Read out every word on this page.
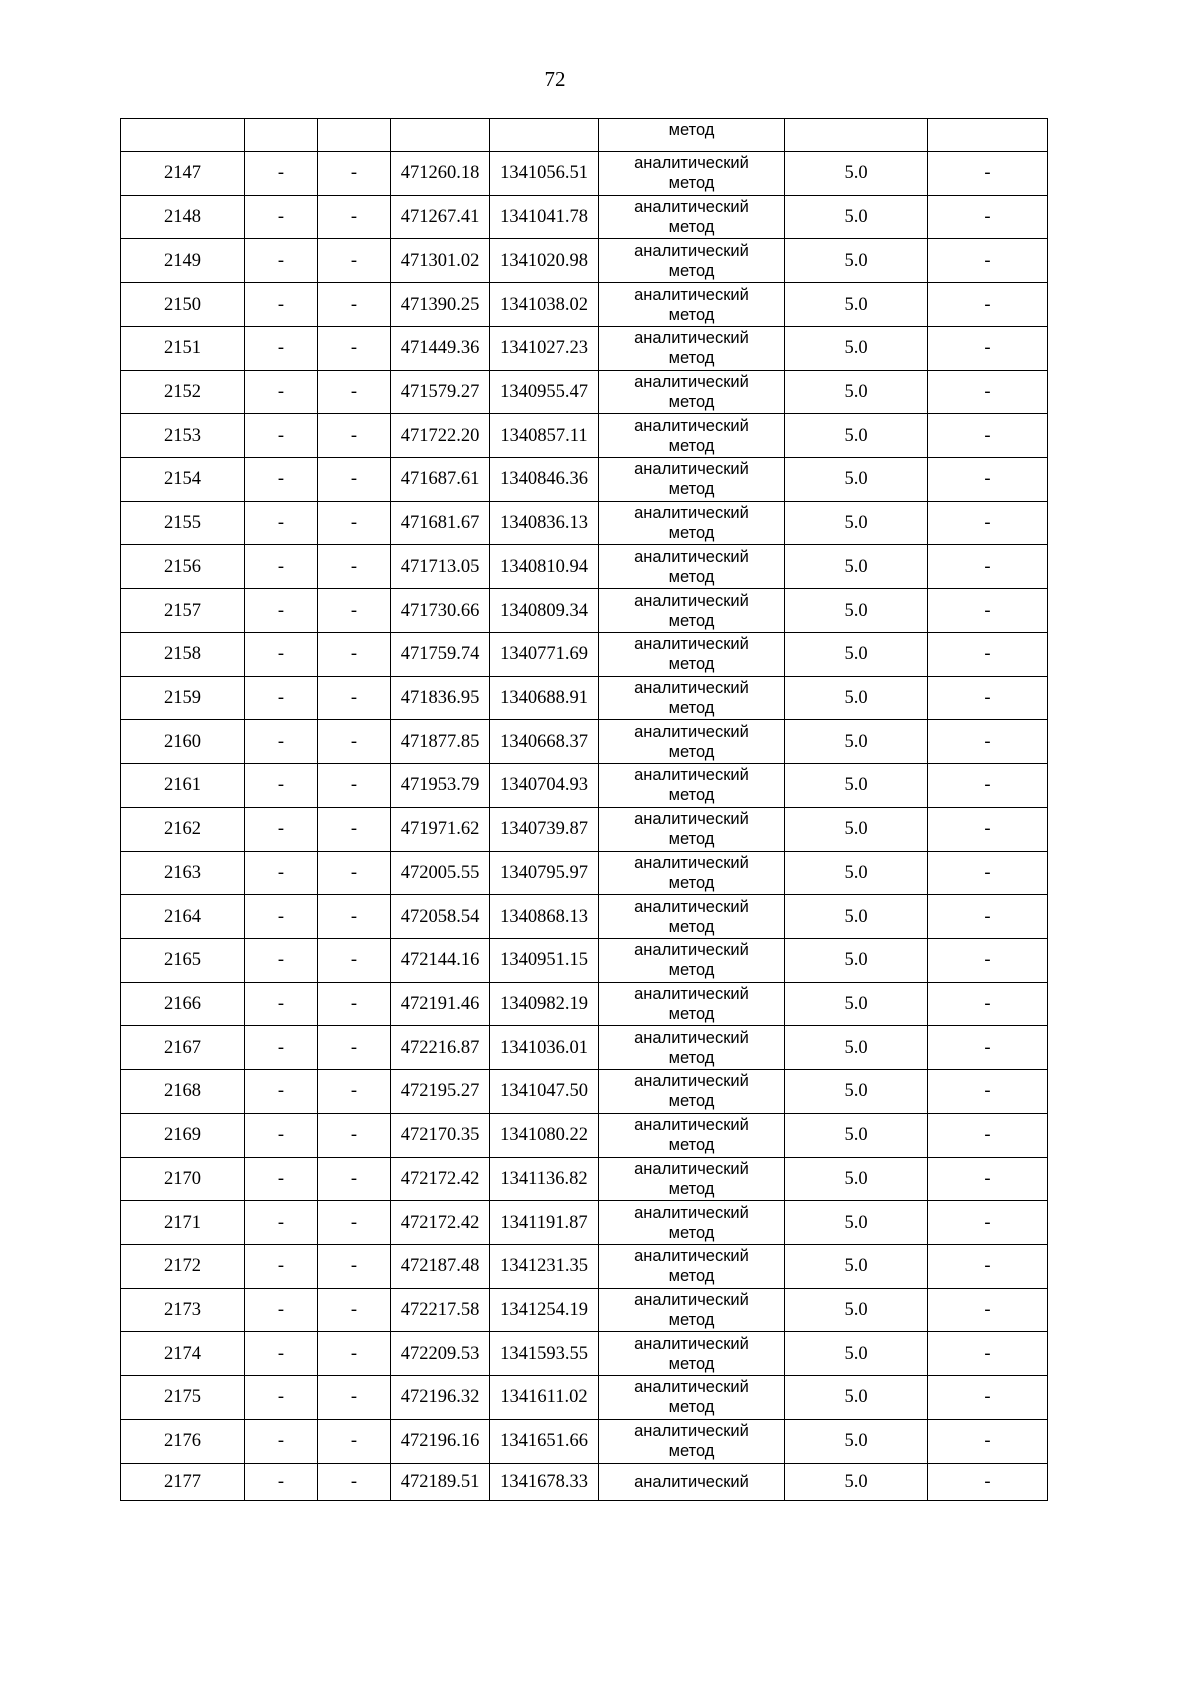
72

					метод		

2147	-	-	471260.18	1341056.51	аналитический
метод	5.0	-
2148	-	-	471267.41	1341041.78	аналитический
метод	5.0	-
2149	-	-	471301.02	1341020.98	аналитический
метод	5.0	-
2150	-	-	471390.25	1341038.02	аналитический
метод	5.0	-
2151	-	-	471449.36	1341027.23	аналитический
метод	5.0	-
2152	-	-	471579.27	1340955.47	аналитический
метод	5.0	-
2153	-	-	471722.20	1340857.11	аналитический
метод	5.0	-
2154	-	-	471687.61	1340846.36	аналитический
метод	5.0	-
2155	-	-	471681.67	1340836.13	аналитический
метод	5.0	-
2156	-	-	471713.05	1340810.94	аналитический
метод	5.0	-
2157	-	-	471730.66	1340809.34	аналитический
метод	5.0	-
2158	-	-	471759.74	1340771.69	аналитический
метод	5.0	-
2159	-	-	471836.95	1340688.91	аналитический
метод	5.0	-
2160	-	-	471877.85	1340668.37	аналитический
метод	5.0	-
2161	-	-	471953.79	1340704.93	аналитический
метод	5.0	-
2162	-	-	471971.62	1340739.87	аналитический
метод	5.0	-
2163	-	-	472005.55	1340795.97	аналитический
метод	5.0	-
2164	-	-	472058.54	1340868.13	аналитический
метод	5.0	-
2165	-	-	472144.16	1340951.15	аналитический
метод	5.0	-
2166	-	-	472191.46	1340982.19	аналитический
метод	5.0	-
2167	-	-	472216.87	1341036.01	аналитический
метод	5.0	-
2168	-	-	472195.27	1341047.50	аналитический
метод	5.0	-
2169	-	-	472170.35	1341080.22	аналитический
метод	5.0	-
2170	-	-	472172.42	1341136.82	аналитический
метод	5.0	-
2171	-	-	472172.42	1341191.87	аналитический
метод	5.0	-
2172	-	-	472187.48	1341231.35	аналитический
метод	5.0	-
2173	-	-	472217.58	1341254.19	аналитический
метод	5.0	-
2174	-	-	472209.53	1341593.55	аналитический
метод	5.0	-
2175	-	-	472196.32	1341611.02	аналитический
метод	5.0	-
2176	-	-	472196.16	1341651.66	аналитический
метод	5.0	-
2177	-	-	472189.51	1341678.33	аналитический	5.0	-
